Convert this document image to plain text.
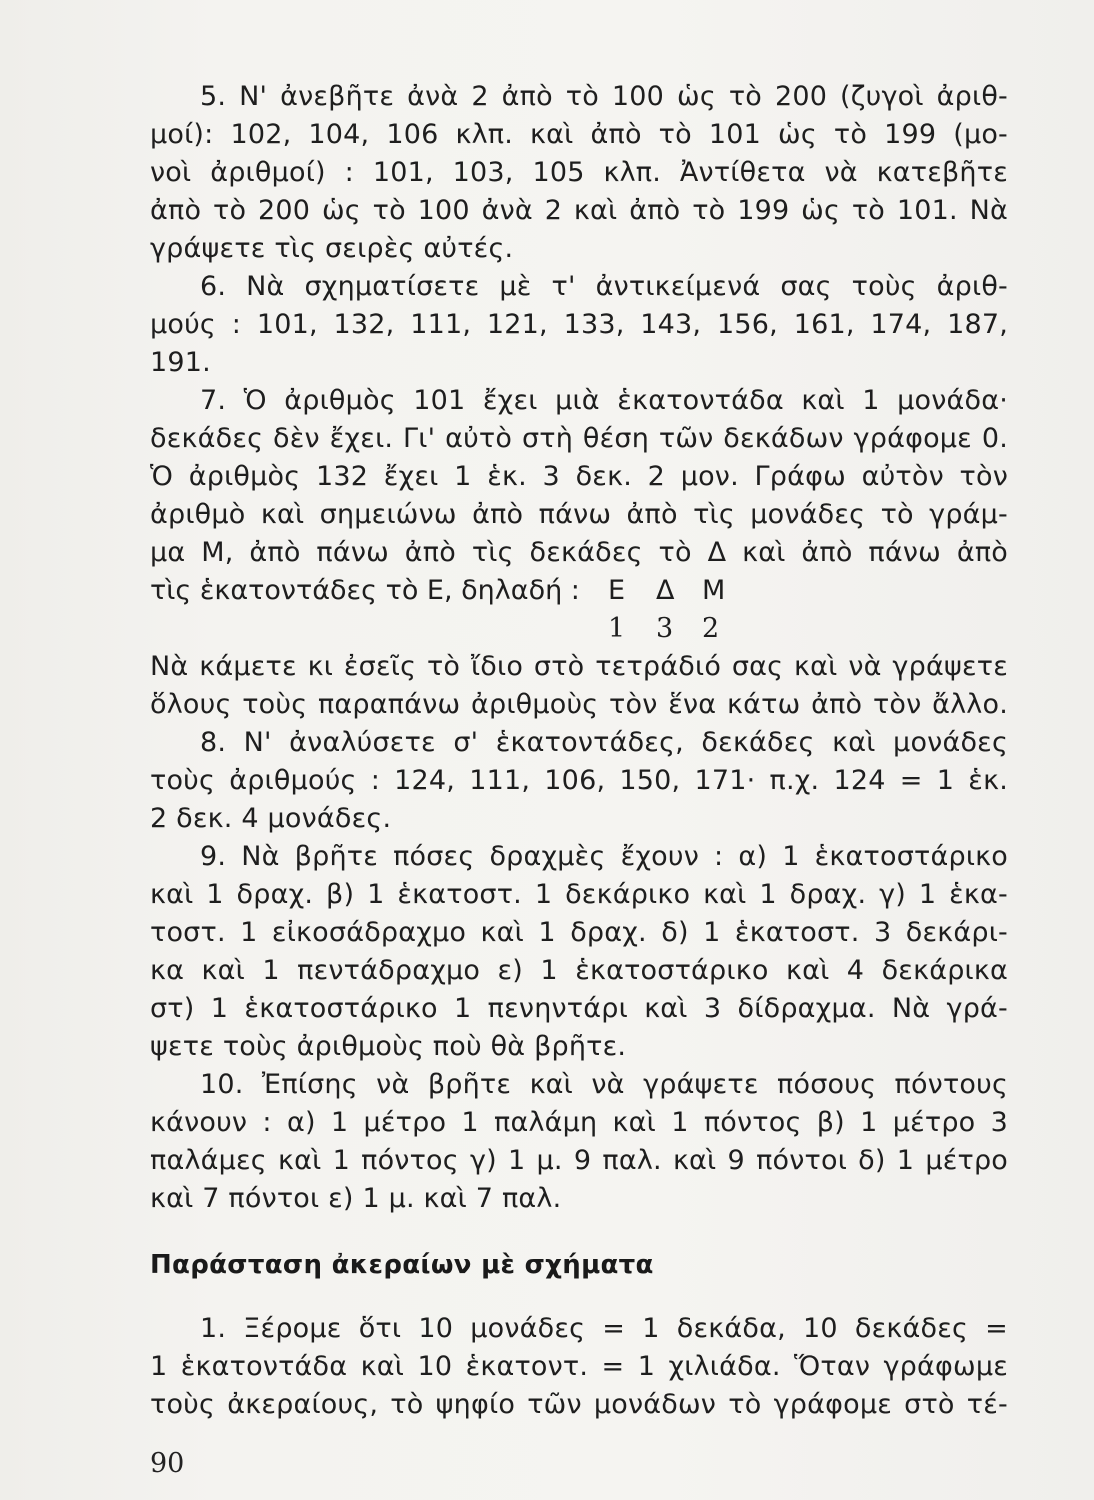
5. Ν' ἀνεβῆτε ἀνὰ 2 ἀπὸ τὸ 100 ὡς τὸ 200 (ζυγοὶ ἀριθ-
μοί): 102, 104, 106 κλπ. καὶ ἀπὸ τὸ 101 ὡς τὸ 199 (μο-
νοὶ ἀριθμοί) : 101, 103, 105 κλπ. Ἀντίθετα νὰ κατεβῆτε
ἀπὸ τὸ 200 ὡς τὸ 100 ἀνὰ 2 καὶ ἀπὸ τὸ 199 ὡς τὸ 101. Νὰ
γράψετε τὶς σειρὲς αὐτές.
6. Νὰ σχηματίσετε μὲ τ' ἀντικείμενά σας τοὺς ἀριθ-
μούς : 101, 132, 111, 121, 133, 143, 156, 161, 174, 187,
191.
7. Ὁ ἀριθμὸς 101 ἔχει μιὰ ἑκατοντάδα καὶ 1 μονάδα·
δεκάδες δὲν ἔχει. Γι' αὐτὸ στὴ θέση τῶν δεκάδων γράφομε 0.
Ὁ ἀριθμὸς 132 ἔχει 1 ἑκ. 3 δεκ. 2 μον. Γράφω αὐτὸν τὸν
ἀριθμὸ καὶ σημειώνω ἀπὸ πάνω ἀπὸ τὶς μονάδες τὸ γράμ-
μα Μ, ἀπὸ πάνω ἀπὸ τὶς δεκάδες τὸ Δ καὶ ἀπὸ πάνω ἀπὸ
τὶς ἑκατοντάδες τὸ Ε, δηλαδή : Ε Δ Μ
1 3 2
Νὰ κάμετε κι ἐσεῖς τὸ ἴδιο στὸ τετράδιό σας καὶ νὰ γράψετε
ὅλους τοὺς παραπάνω ἀριθμοὺς τὸν ἕνα κάτω ἀπὸ τὸν ἄλλο.
8. Ν' ἀναλύσετε σ' ἑκατοντάδες, δεκάδες καὶ μονάδες
τοὺς ἀριθμούς : 124, 111, 106, 150, 171· π.χ. 124 = 1 ἑκ.
2 δεκ. 4 μονάδες.
9. Νὰ βρῆτε πόσες δραχμὲς ἔχουν : α) 1 ἑκατοστάρικο
καὶ 1 δραχ. β) 1 ἑκατοστ. 1 δεκάρικο καὶ 1 δραχ. γ) 1 ἑκα-
τοστ. 1 εἰκοσάδραχμο καὶ 1 δραχ. δ) 1 ἑκατοστ. 3 δεκάρι-
κα καὶ 1 πεντάδραχμο ε) 1 ἑκατοστάρικο καὶ 4 δεκάρικα
στ) 1 ἑκατοστάρικο 1 πενηντάρι καὶ 3 δίδραχμα. Νὰ γρά-
ψετε τοὺς ἀριθμοὺς ποὺ θὰ βρῆτε.
10. Ἐπίσης νὰ βρῆτε καὶ νὰ γράψετε πόσους πόντους
κάνουν : α) 1 μέτρο 1 παλάμη καὶ 1 πόντος β) 1 μέτρο 3
παλάμες καὶ 1 πόντος γ) 1 μ. 9 παλ. καὶ 9 πόντοι δ) 1 μέτρο
καὶ 7 πόντοι ε) 1 μ. καὶ 7 παλ.
Παράσταση ἀκεραίων μὲ σχήματα
1. Ξέρομε ὅτι 10 μονάδες = 1 δεκάδα, 10 δεκάδες =
1 ἑκατοντάδα καὶ 10 ἑκατοντ. = 1 χιλιάδα. Ὅταν γράφωμε
τοὺς ἀκεραίους, τὸ ψηφίο τῶν μονάδων τὸ γράφομε στὸ τέ-
90
